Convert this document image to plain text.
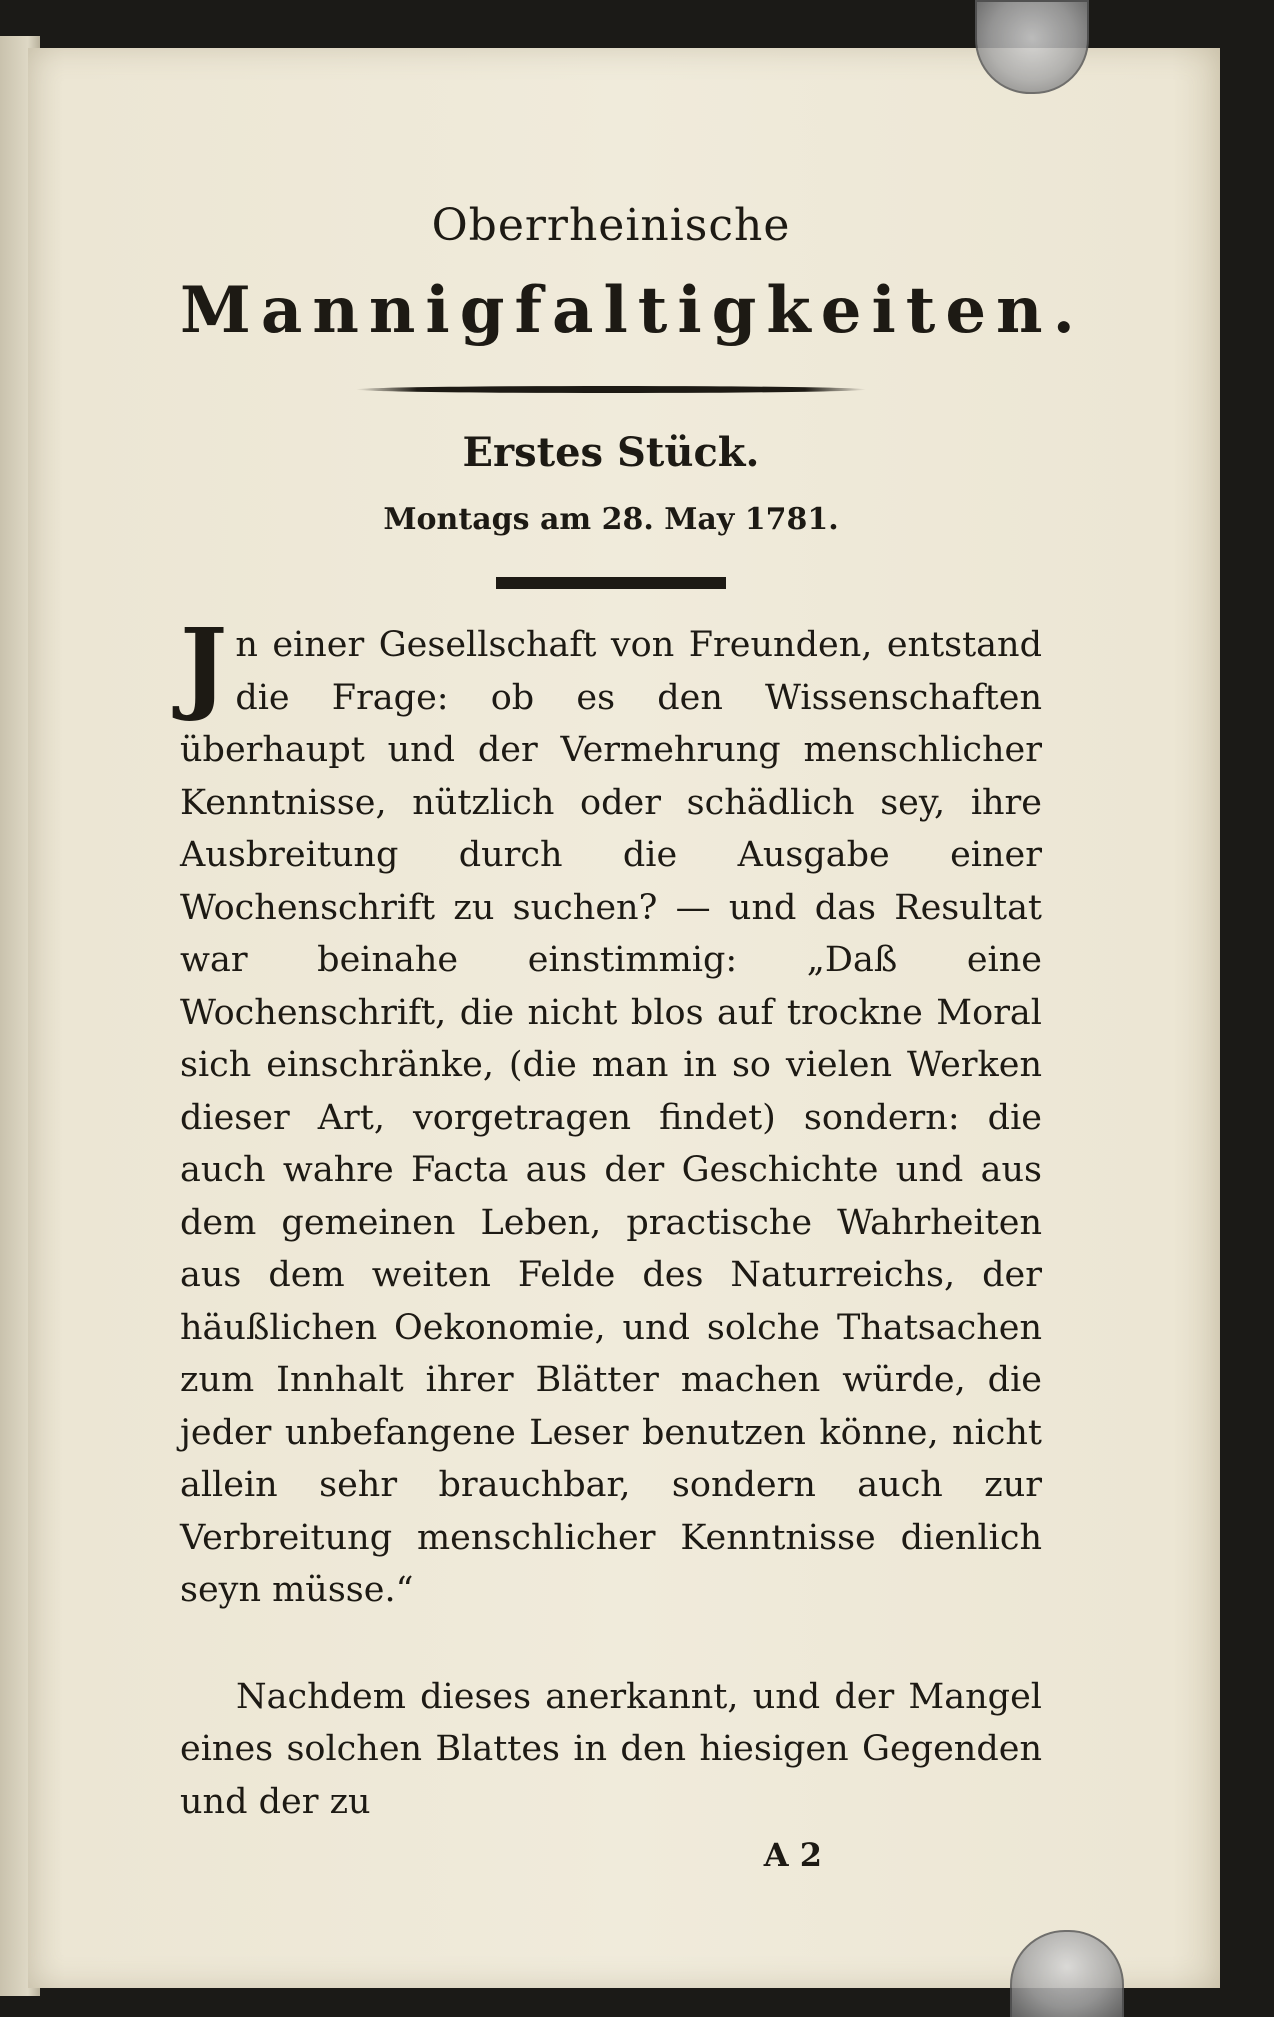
Oberrheinische

Mannigfaltigkeiten.

Erstes Stück.

Montags am 28. May 1781.

Jn einer Gesellschaft von Freunden, entstand die Frage: ob es den Wissenschaften überhaupt und der Vermehrung menschlicher Kenntnisse, nützlich oder schädlich sey, ihre Ausbreitung durch die Ausgabe einer Wochenschrift zu suchen? — und das Resultat war beinahe einstimmig: „Daß eine Wochenschrift, die nicht blos auf trockne Moral sich einschränke, (die man in so vielen Werken dieser Art, vorgetragen findet) sondern: die auch wahre Facta aus der Geschichte und aus dem gemeinen Leben, practische Wahrheiten aus dem weiten Felde des Naturreichs, der häußlichen Oekonomie, und solche Thatsachen zum Innhalt ihrer Blätter machen würde, die jeder unbefangene Leser benutzen könne, nicht allein sehr brauchbar, sondern auch zur Verbreitung menschlicher Kenntnisse dienlich seyn müsse.“

Nachdem dieses anerkannt, und der Mangel eines solchen Blattes in den hiesigen Gegenden und der zu

A 2
